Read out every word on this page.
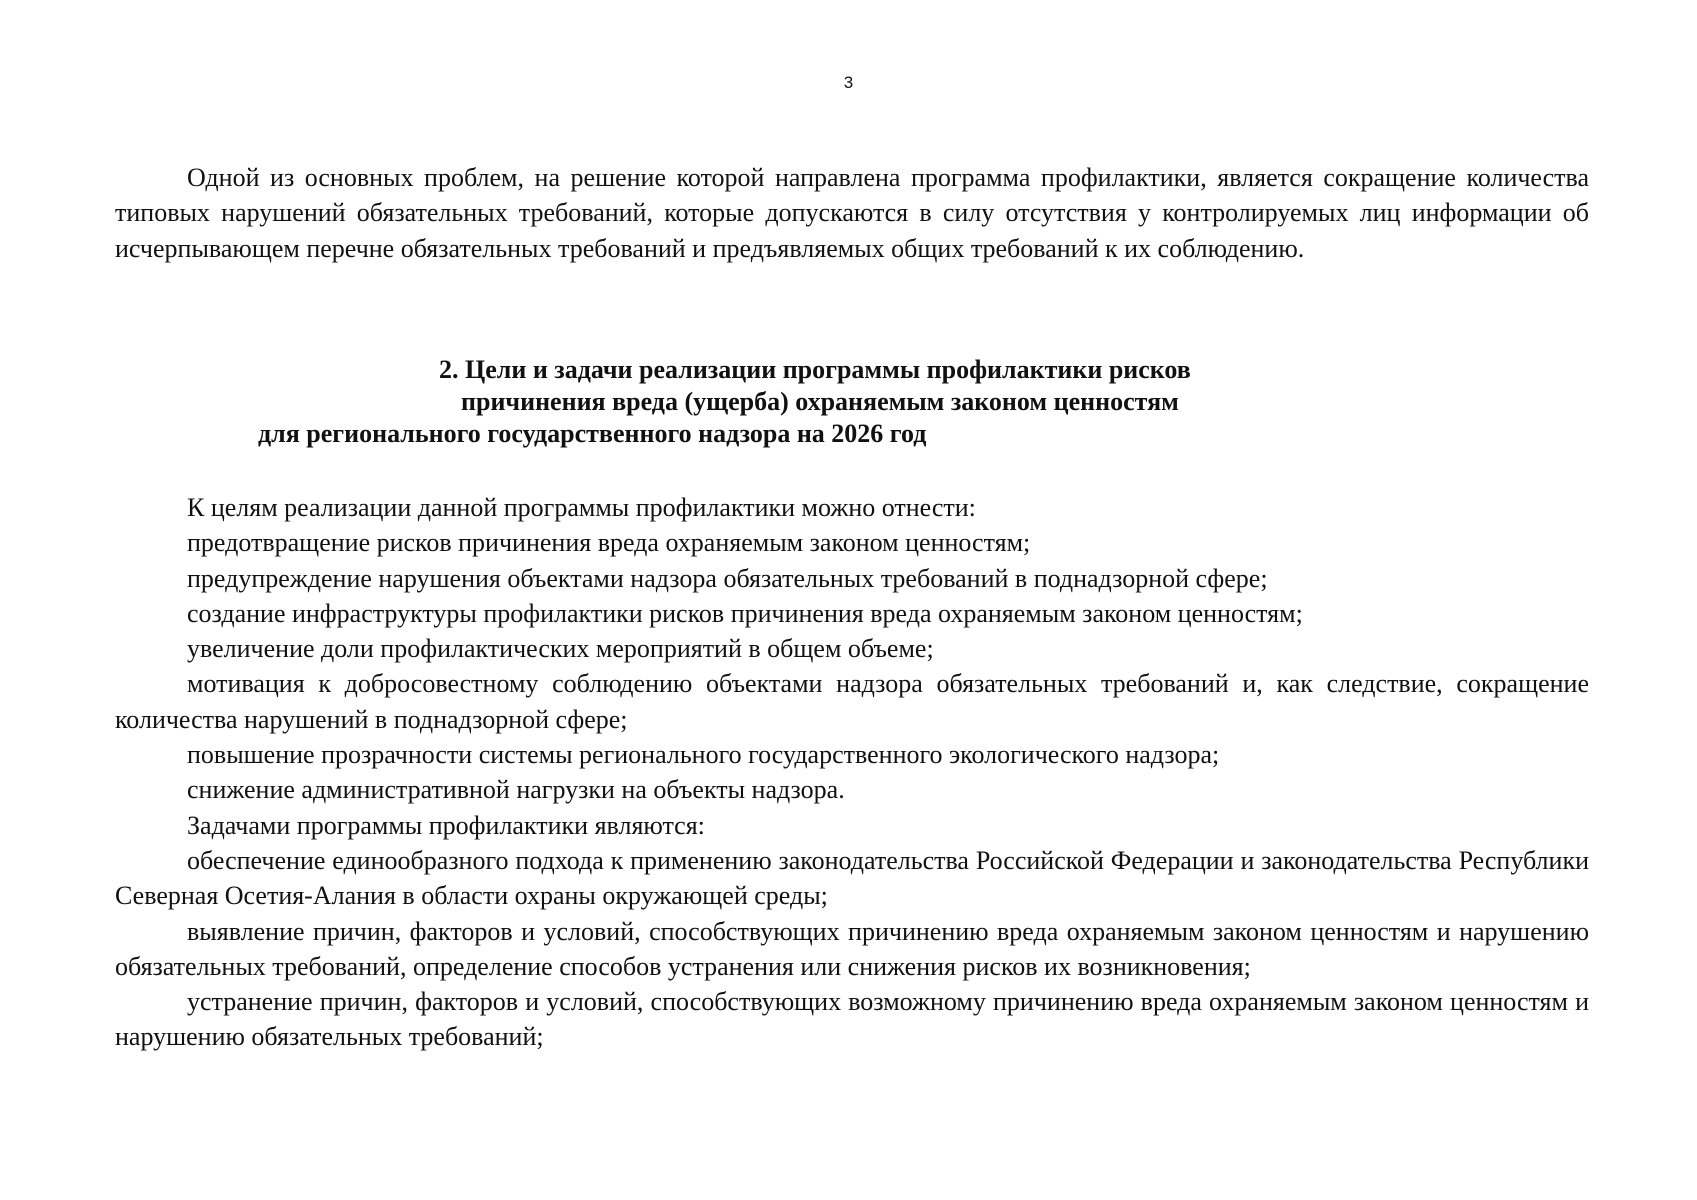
3

Одной из основных проблем, на решение которой направлена программа профилактики, является сокращение количества типовых нарушений обязательных требований, которые допускаются в силу отсутствия у контролируемых лиц информации об исчерпывающем перечне обязательных требований и предъявляемых общих требований к их соблюдению.

2. Цели и задачи реализации программы профилактики рисков
причинения вреда (ущерба) охраняемым законом ценностям
для регионального государственного надзора на 2026 год

К целям реализации данной программы профилактики можно отнести:

предотвращение рисков причинения вреда охраняемым законом ценностям;

предупреждение нарушения объектами надзора обязательных требований в поднадзорной сфере;

создание инфраструктуры профилактики рисков причинения вреда охраняемым законом ценностям;

увеличение доли профилактических мероприятий в общем объеме;

мотивация к добросовестному соблюдению объектами надзора обязательных требований и, как следствие, сокращение количества нарушений в поднадзорной сфере;

повышение прозрачности системы регионального государственного экологического надзора;

снижение административной нагрузки на объекты надзора.

Задачами программы профилактики являются:

обеспечение единообразного подхода к применению законодательства Российской Федерации и законодательства Республики Северная Осетия-Алания в области охраны окружающей среды;

выявление причин, факторов и условий, способствующих причинению вреда охраняемым законом ценностям и нарушению обязательных требований, определение способов устранения или снижения рисков их возникновения;

устранение причин, факторов и условий, способствующих возможному причинению вреда охраняемым законом ценностям и нарушению обязательных требований;
